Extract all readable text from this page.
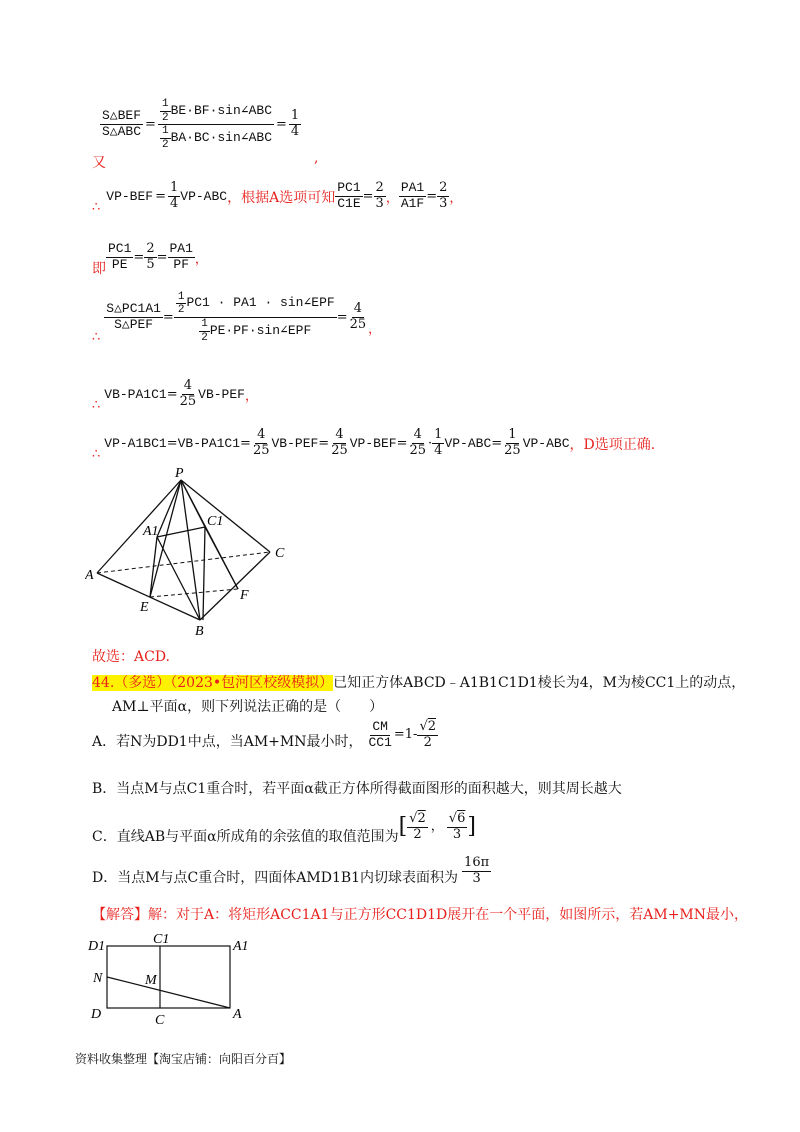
$\frac{\text{S△BEF}}{\text{S△ABC}} = \frac{\frac{1}{2} BE\cdot BF\cdot\sin\angle ABC}{\frac{1}{2} BA\cdot BC\cdot\sin\angle ABC} = \frac{1}{4}$
又	,
∴
$VP-BEF = \frac{1}{4} VP-ABC$ ，根据A选项可知 $\frac{PC1}{C1E} = \frac{2}{3}$ ， $\frac{PA1}{A1F} = \frac{2}{3}$ ，
即 $\frac{PC1}{PE} = \frac{2}{5} = \frac{PA1}{PF}$ ，
∴
$\frac{S\triangle PC1A1}{\text{S△PEF}} = \frac{\frac{1}{2} PC1 \cdot PA1 \cdot \sin\angle EPF}{\frac{1}{2} PE\cdot PF\cdot\sin\angle EPF} = \frac{4}{25}$ ，
∴
$VB-PA1C1 = \frac{4}{25} VB-PEF$ ，
∴
$VP-A1BC1 = VB-PA1C1 = \frac{4}{25} VB-PEF = \frac{4}{25} VP-BEF = \frac{4}{25} \cdot \frac{1}{4} VP-ABC = \frac{1}{25} VP-ABC$ ，D选项正确.
P
A1
C1
C
A
E
F
B
故选：ACD.
44.（多选）（2023•包河区校级模拟）已知正方体ABCD﹣A1B1C1D1棱长为4，M为棱CC1上的动点，
AM⊥平面α，则下列说法正确的是（　　）
A．若N为DD1中点，当AM+MN最小时， $\frac{CM}{CC1} =1- \frac{√2}{2}$
B．当点M与点C1重合时，若平面α截正方体所得截面图形的面积越大，则其周长越大
C．直线AB与平面α所成角的余弦值的取值范围为 [ $\frac{√2}{2}$ ， $\frac{√6}{3}$ ]
D．当点M与点C重合时，四面体AMD1B1内切球表面积为 $\frac{16\pi}{3}$
【解答】解：对于A：将矩形ACC1A1与正方形CC1D1D展开在一个平面，如图所示，若AM+MN最小，
D1	C1	A1
N	M
D	C	A
资料收集整理【淘宝店铺：向阳百分百】
